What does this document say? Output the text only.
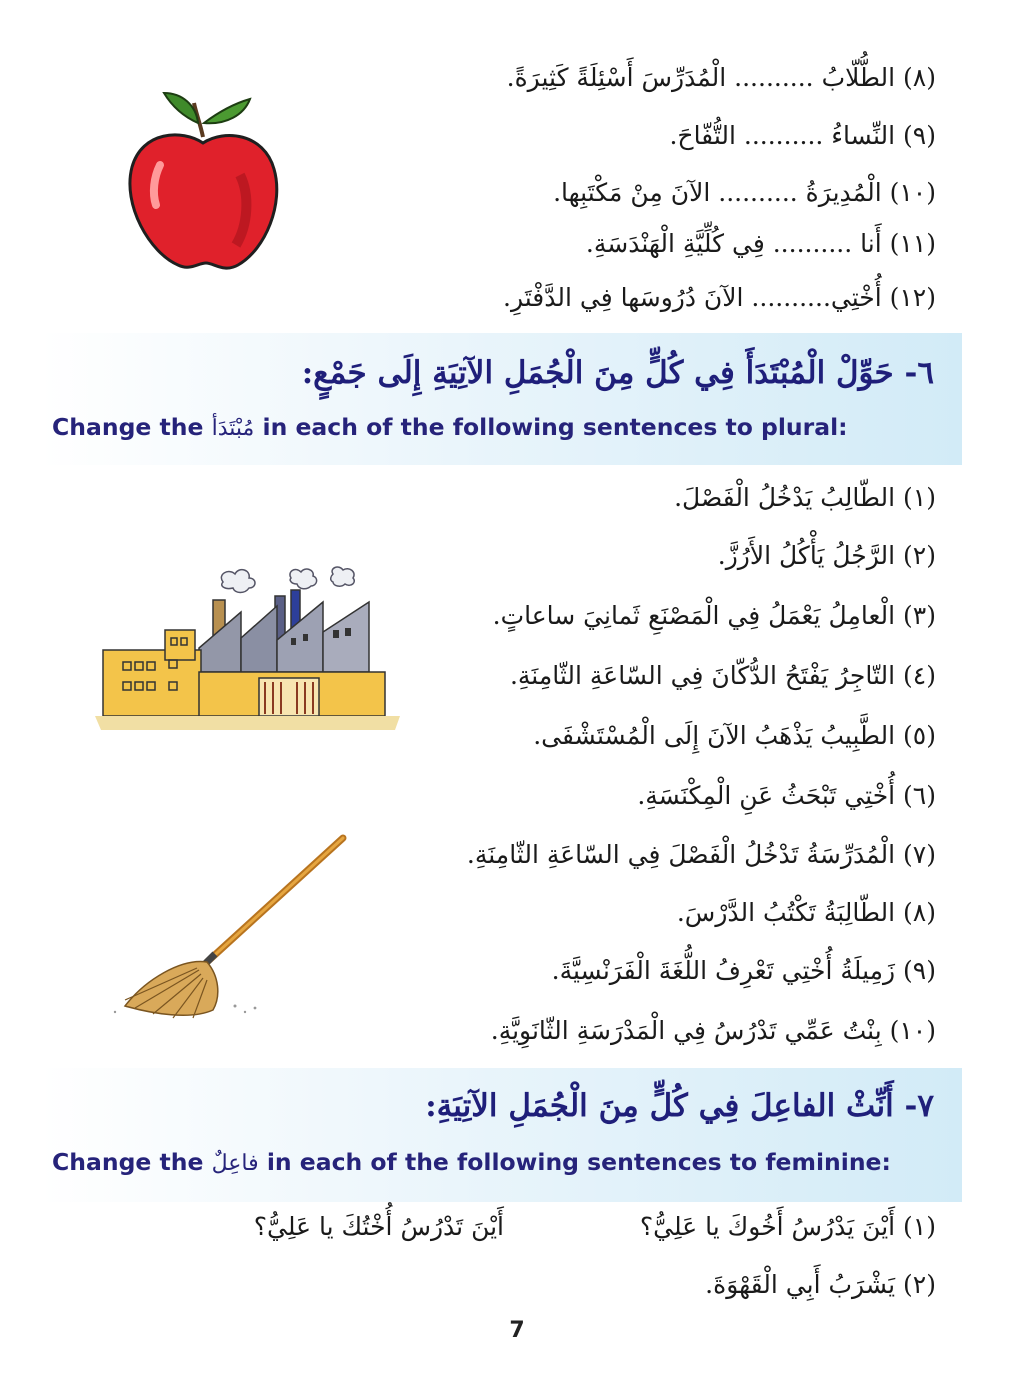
(٨) الطُّلّابُ .......... الْمُدَرِّسَ أَسْئِلَةً كَثِيرَةً.
(٩) النِّساءُ .......... التُّفّاحَ.
(١٠) الْمُدِيرَةُ .......... الآنَ مِنْ مَكْتَبِها.
(١١) أَنا .......... فِي كُلِّيَّةِ الْهَنْدَسَةِ.
(١٢) أُخْتِي.......... الآنَ دُرُوسَها فِي الدَّفْتَرِ.
٦- حَوِّلْ الْمُبْتَدَأَ فِي كُلٍّ مِنَ الْجُمَلِ الآتِيَةِ إِلَى جَمْعٍ:
Change the مُبْتَدَأ in each of the following sentences to plural:
(١) الطّالِبُ يَدْخُلُ الْفَصْلَ.
(٢) الرَّجُلُ يَأْكُلُ الأَرُزَّ.
(٣) الْعامِلُ يَعْمَلُ فِي الْمَصْنَعِ ثَمانِيَ ساعاتٍ.
(٤) التّاجِرُ يَفْتَحُ الدُّكّانَ فِي السّاعَةِ الثّامِنَةِ.
(٥) الطَّبِيبُ يَذْهَبُ الآنَ إِلَى الْمُسْتَشْفَى.
(٦) أُخْتِي تَبْحَثُ عَنِ الْمِكْنَسَةِ.
(٧) الْمُدَرِّسَةُ تَدْخُلُ الْفَصْلَ فِي السّاعَةِ الثّامِنَةِ.
(٨) الطّالِبَةُ تَكْتُبُ الدَّرْسَ.
(٩) زَمِيلَةُ أُخْتِي تَعْرِفُ اللُّغَةَ الْفَرَنْسِيَّةَ.
(١٠) بِنْتُ عَمِّي تَدْرُسُ فِي الْمَدْرَسَةِ الثّانَوِيَّةِ.
٧- أَنِّثْ الفاعِلَ فِي كُلٍّ مِنَ الْجُمَلِ الآتِيَةِ:
Change the فاعِلٌ in each of the following sentences to feminine:
(١) أَيْنَ يَدْرُسُ أَخُوكَ يا عَلِيُّ؟
أَيْنَ تَدْرُسُ أُخْتُكَ يا عَلِيُّ؟
(٢) يَشْرَبُ أَبِي الْقَهْوَةَ.
7
